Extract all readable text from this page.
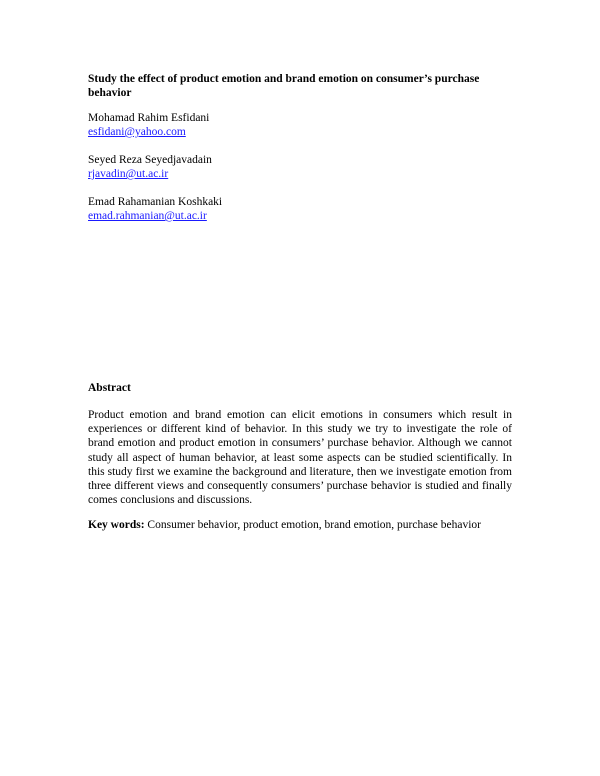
Study the effect of product emotion and brand emotion on consumer’s purchase behavior
Mohamad Rahim Esfidani
esfidani@yahoo.com
Seyed Reza Seyedjavadain
rjavadin@ut.ac.ir
Emad Rahamanian Koshkaki
emad.rahmanian@ut.ac.ir
Abstract
Product emotion and brand emotion can elicit emotions in consumers which result in experiences or different kind of behavior. In this study we try to investigate the role of brand emotion and product emotion in consumers’ purchase behavior. Although we cannot study all aspect of human behavior, at least some aspects can be studied scientifically. In this study first we examine the background and literature, then we investigate emotion from three different views and consequently consumers’ purchase behavior is studied and finally comes conclusions and discussions.
Key words: Consumer behavior, product emotion, brand emotion, purchase behavior
